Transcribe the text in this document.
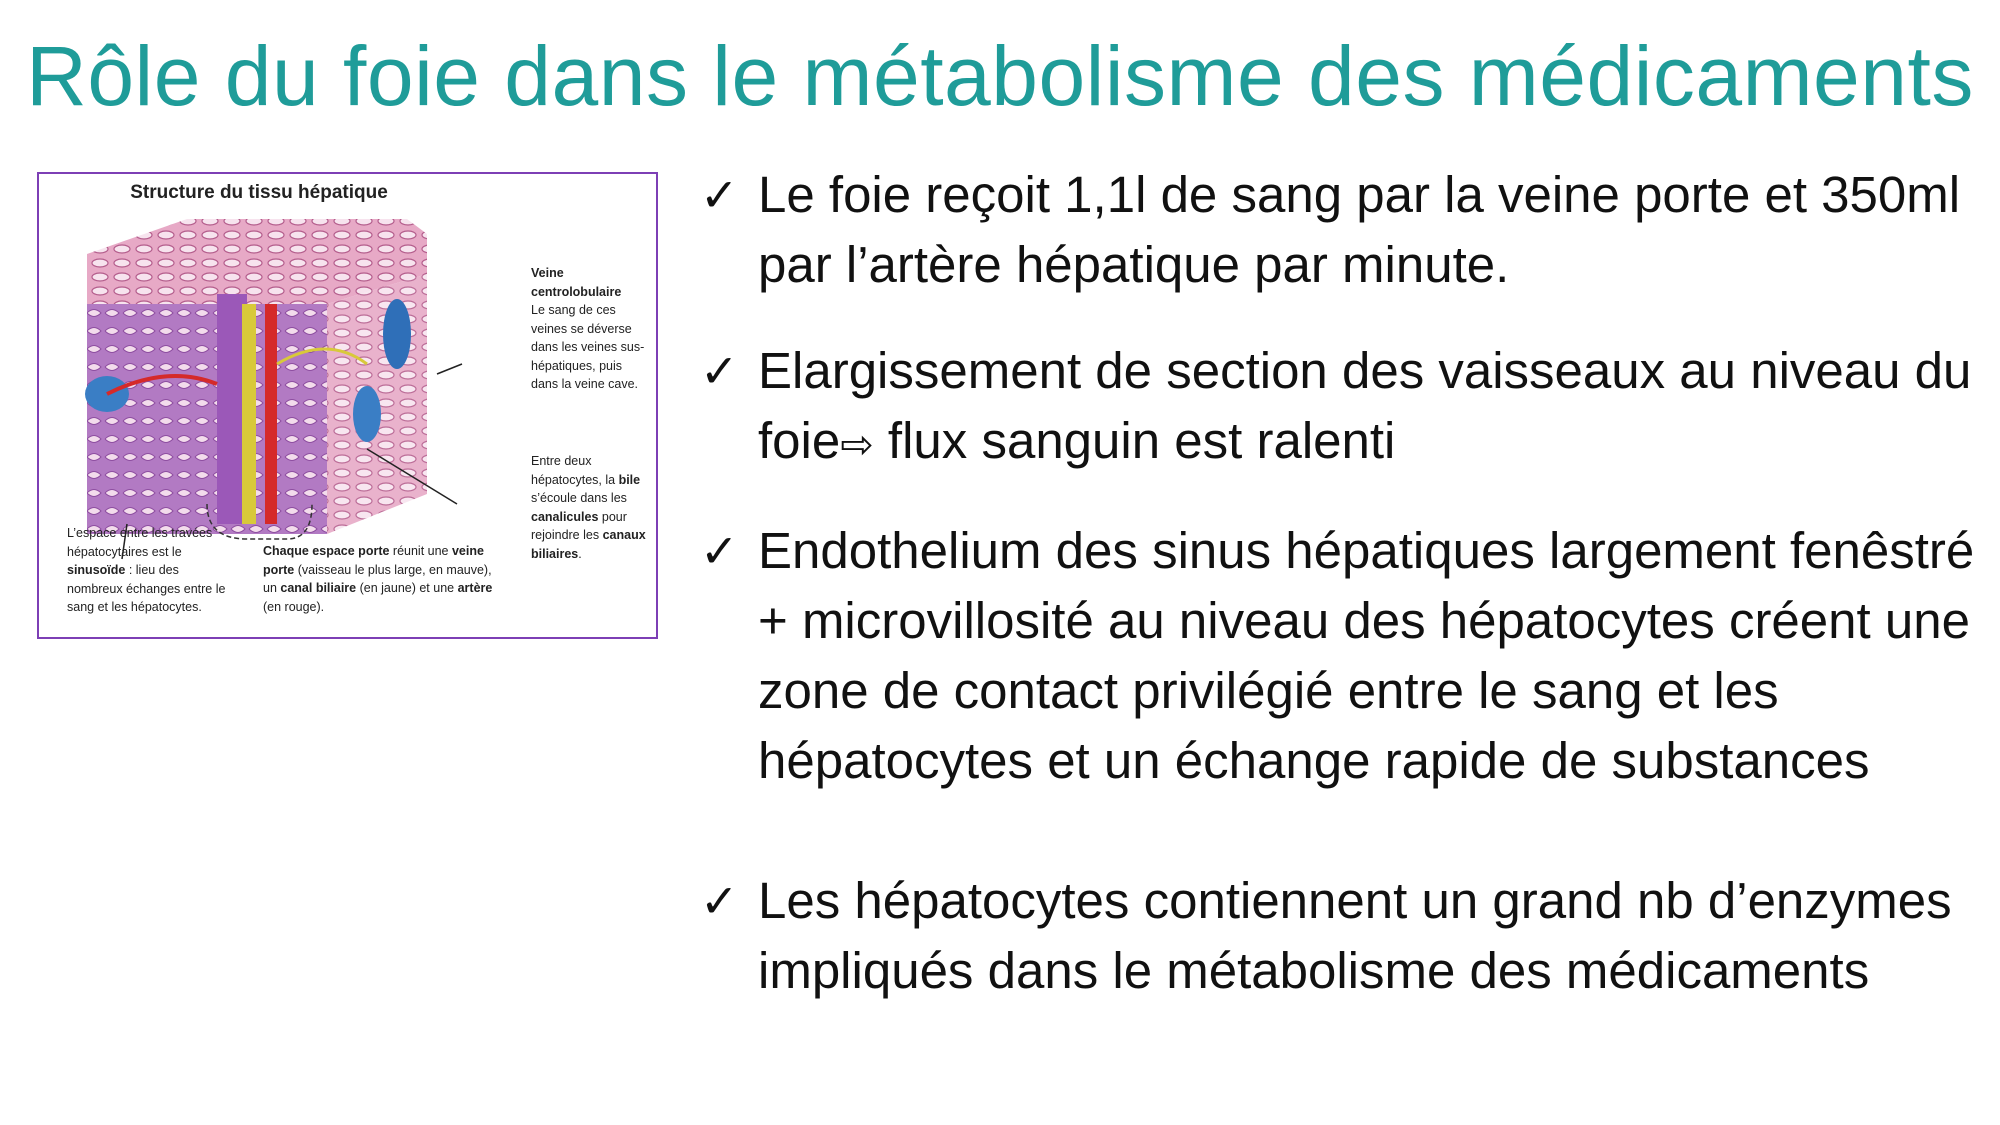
Rôle du foie dans le métabolisme des médicaments
Structure du tissu hépatique
Veine centrolobulaire
Le sang de ces veines se déverse dans les veines sus-hépatiques, puis dans la veine cave.
Entre deux hépatocytes, la bile s’écoule dans les canalicules pour rejoindre les canaux biliaires.
L’espace entre les travées hépatocytaires est le sinusoïde : lieu des nombreux échanges entre le sang et les hépatocytes.
Chaque espace porte réunit une veine porte (vaisseau le plus large, en mauve), un canal biliaire (en jaune) et une artère (en rouge).
✓ Le foie reçoit 1,1l de sang par la veine porte et 350ml par l’artère hépatique par minute.
✓ Elargissement de section des vaisseaux au niveau du foie⇨ flux sanguin est ralenti
✓ Endothelium des sinus hépatiques largement fenêstré + microvillosité au niveau des hépatocytes créent une zone de contact privilégié entre le sang et les hépatocytes et un échange rapide de substances
✓ Les hépatocytes contiennent un grand nb d’enzymes impliqués dans le métabolisme des médicaments
